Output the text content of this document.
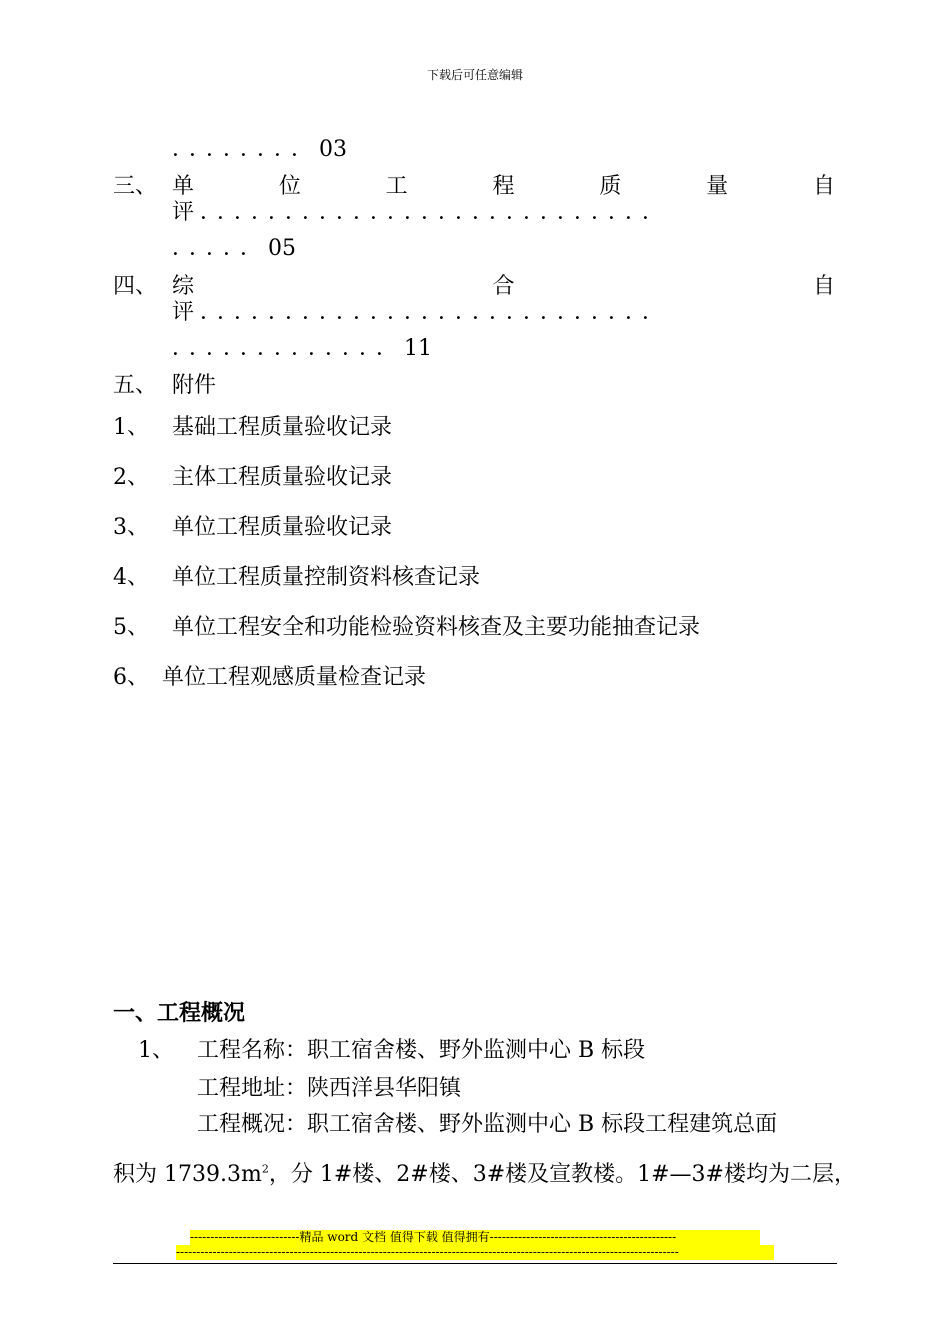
下载后可任意编辑
．．．．．．．．03
三、 单	位	工	程	质	量	自
评．．．．．．．．．．．．．．．．．．．．．．．．．．．
．．．．．05
四、 综	合	自
评．．．．．．．．．．．．．．．．．．．．．．．．．．．
．．．．．．．．．．．．．11
五、 附件
1、 基础工程质量验收记录
2、 主体工程质量验收记录
3、 单位工程质量验收记录
4、 单位工程质量控制资料核查记录
5、 单位工程安全和功能检验资料核查及主要功能抽查记录
6、 单位工程观感质量检查记录
一、工程概况
1、 工程名称：职工宿舍楼、野外监测中心 B 标段
工程地址：陕西洋县华阳镇
工程概况：职工宿舍楼、野外监测中心 B 标段工程建筑总面
积为 $1739.3m^2$，分 1#楼、2#楼、3#楼及宣教楼。1#—3#楼均为二层，
---------------------------精品 word 文档 值得下载 值得拥有----------------------------------------------
----------------------------------------------------------------------------------------------------------------------------
